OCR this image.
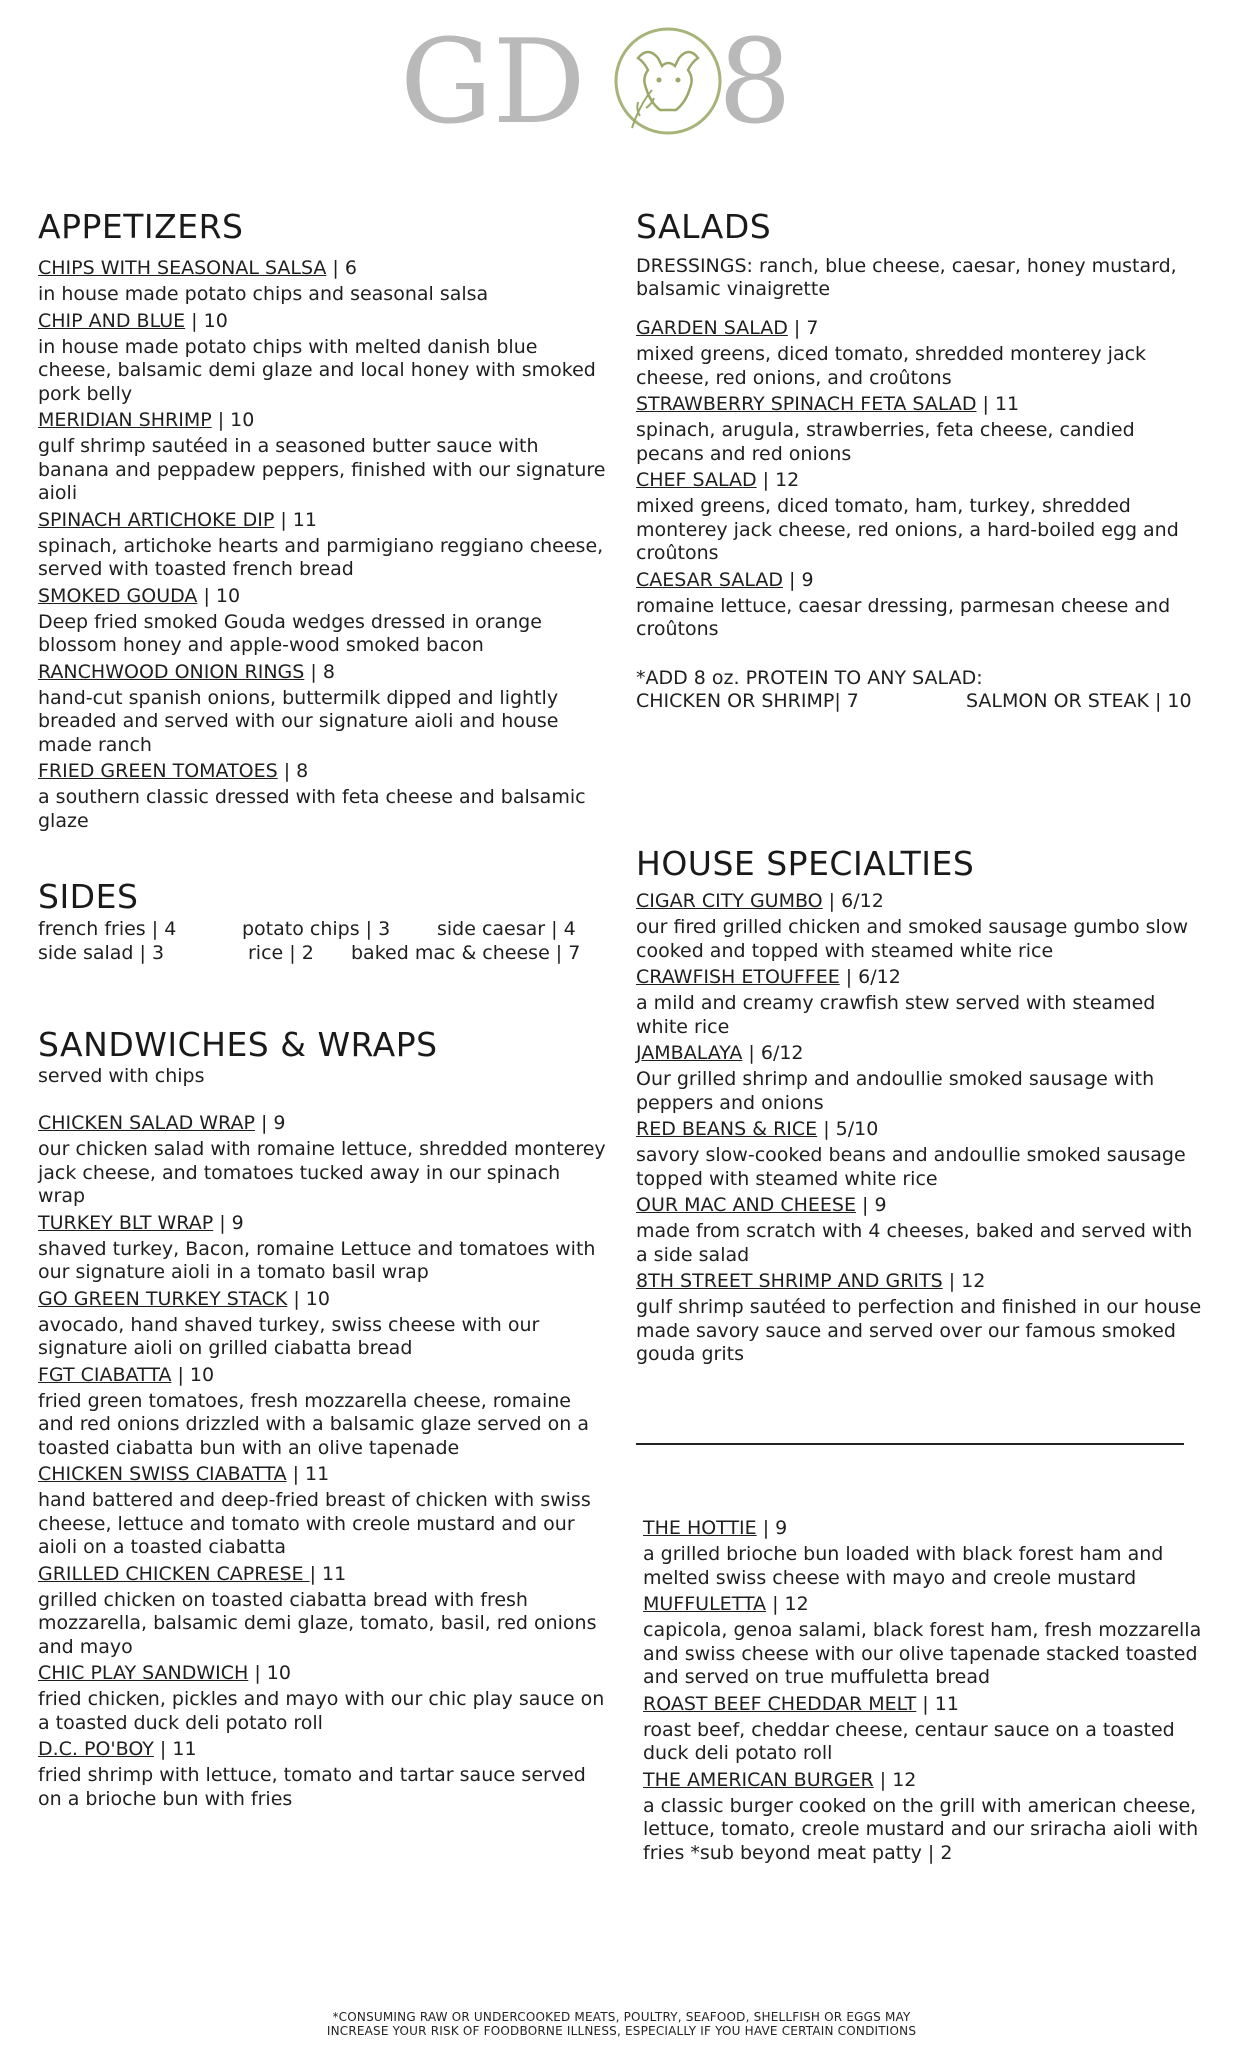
GD 8
APPETIZERS
CHIPS WITH SEASONAL SALSA | 6
in house made potato chips and seasonal salsa
CHIP AND BLUE | 10
in house made potato chips with melted danish blue cheese, balsamic demi glaze and local honey with smoked pork belly
MERIDIAN SHRIMP | 10
gulf shrimp sautéed in a seasoned butter sauce with banana and peppadew peppers, finished with our signature aioli
SPINACH ARTICHOKE DIP | 11
spinach, artichoke hearts and parmigiano reggiano cheese, served with toasted french bread
SMOKED GOUDA | 10
Deep fried smoked Gouda wedges dressed in orange blossom honey and apple-wood smoked bacon
RANCHWOOD ONION RINGS | 8
hand-cut spanish onions, buttermilk dipped and lightly breaded and served with our signature aioli and house made ranch
FRIED GREEN TOMATOES | 8
a southern classic dressed with feta cheese and balsamic glaze
SIDES
french fries | 4	potato chips | 3 side caesar | 4
side salad | 3	rice | 2 baked mac & cheese | 7
SANDWICHES & WRAPS
served with chips
CHICKEN SALAD WRAP | 9
our chicken salad with romaine lettuce, shredded monterey jack cheese, and tomatoes tucked away in our spinach wrap
TURKEY BLT WRAP | 9
shaved turkey, Bacon, romaine Lettuce and tomatoes with our signature aioli in a tomato basil wrap
GO GREEN TURKEY STACK | 10
avocado, hand shaved turkey, swiss cheese with our signature aioli on grilled ciabatta bread
FGT CIABATTA | 10
fried green tomatoes, fresh mozzarella cheese, romaine and red onions drizzled with a balsamic glaze served on a toasted ciabatta bun with an olive tapenade
CHICKEN SWISS CIABATTA | 11
hand battered and deep-fried breast of chicken with swiss cheese, lettuce and tomato with creole mustard and our aioli on a toasted ciabatta
GRILLED CHICKEN CAPRESE | 11
grilled chicken on toasted ciabatta bread with fresh mozzarella, balsamic demi glaze, tomato, basil, red onions and mayo
CHIC PLAY SANDWICH | 10
fried chicken, pickles and mayo with our chic play sauce on a toasted duck deli potato roll
D.C. PO'BOY | 11
fried shrimp with lettuce, tomato and tartar sauce served on a brioche bun with fries
SALADS
DRESSINGS: ranch, blue cheese, caesar, honey mustard, balsamic vinaigrette
GARDEN SALAD | 7
mixed greens, diced tomato, shredded monterey jack cheese, red onions, and croûtons
STRAWBERRY SPINACH FETA SALAD | 11
spinach, arugula, strawberries, feta cheese, candied pecans and red onions
CHEF SALAD | 12
mixed greens, diced tomato, ham, turkey, shredded monterey jack cheese, red onions, a hard-boiled egg and croûtons
CAESAR SALAD | 9
romaine lettuce, caesar dressing, parmesan cheese and croûtons
*ADD 8 oz. PROTEIN TO ANY SALAD:
CHICKEN OR SHRIMP| 7	SALMON OR STEAK | 10
HOUSE SPECIALTIES
CIGAR CITY GUMBO | 6/12
our fired grilled chicken and smoked sausage gumbo slow cooked and topped with steamed white rice
CRAWFISH ETOUFFEE | 6/12
a mild and creamy crawfish stew served with steamed white rice
JAMBALAYA | 6/12
Our grilled shrimp and andoullie smoked sausage with peppers and onions
RED BEANS & RICE | 5/10
savory slow-cooked beans and andoullie smoked sausage topped with steamed white rice
OUR MAC AND CHEESE | 9
made from scratch with 4 cheeses, baked and served with a side salad
8TH STREET SHRIMP AND GRITS | 12
gulf shrimp sautéed to perfection and finished in our house made savory sauce and served over our famous smoked gouda grits
THE HOTTIE | 9
a grilled brioche bun loaded with black forest ham and melted swiss cheese with mayo and creole mustard
MUFFULETTA | 12
capicola, genoa salami, black forest ham, fresh mozzarella and swiss cheese with our olive tapenade stacked toasted and served on true muffuletta bread
ROAST BEEF CHEDDAR MELT | 11
roast beef, cheddar cheese, centaur sauce on a toasted duck deli potato roll
THE AMERICAN BURGER | 12
a classic burger cooked on the grill with american cheese, lettuce, tomato, creole mustard and our sriracha aioli with fries *sub beyond meat patty | 2
*CONSUMING RAW OR UNDERCOOKED MEATS, POULTRY, SEAFOOD, SHELLFISH OR EGGS MAY
INCREASE YOUR RISK OF FOODBORNE ILLNESS, ESPECIALLY IF YOU HAVE CERTAIN CONDITIONS
